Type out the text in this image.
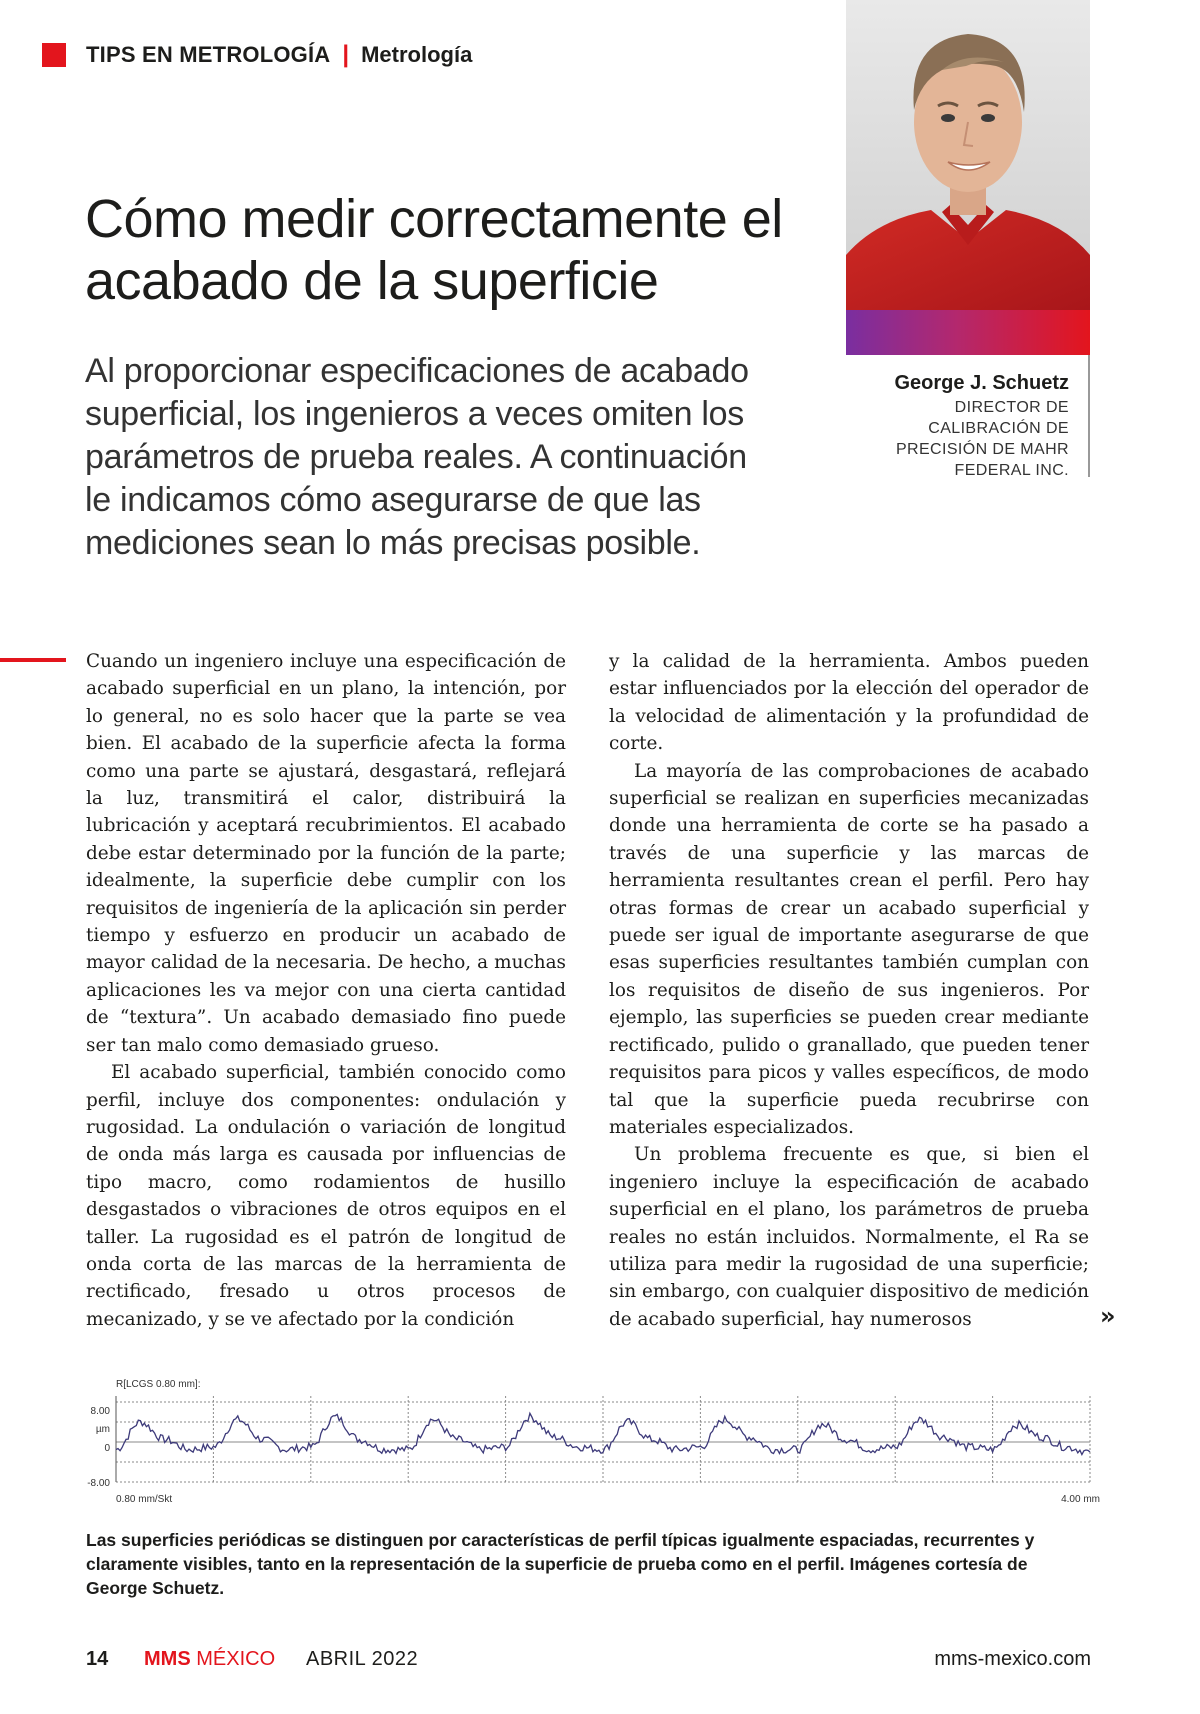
TIPS EN METROLOGÍA | Metrología
Cómo medir correctamente el acabado de la superficie

Al proporcionar especificaciones de acabado superficial, los ingenieros a veces omiten los parámetros de prueba reales. A continuación le indicamos cómo asegurarse de que las mediciones sean lo más precisas posible.

George J. Schuetz
DIRECTOR DE
CALIBRACIÓN DE
PRECISIÓN DE MAHR
FEDERAL INC.

Cuando un ingeniero incluye una especificación de acabado superficial en un plano, la intención, por lo general, no es solo hacer que la parte se vea bien. El acabado de la superficie afecta la forma como una parte se ajustará, desgastará, reflejará la luz, transmitirá el calor, distribuirá la lubricación y aceptará recubrimientos. El acabado debe estar determinado por la función de la parte; idealmente, la superficie debe cumplir con los requisitos de ingeniería de la aplicación sin perder tiempo y esfuerzo en producir un acabado de mayor calidad de la necesaria. De hecho, a muchas aplicaciones les va mejor con una cierta cantidad de “textura”. Un acabado demasiado fino puede ser tan malo como demasiado grueso.

El acabado superficial, también conocido como perfil, incluye dos componentes: ondulación y rugosidad. La ondulación o variación de longitud de onda más larga es causada por influencias de tipo macro, como rodamientos de husillo desgastados o vibraciones de otros equipos en el taller. La rugosidad es el patrón de longitud de onda corta de las marcas de la herramienta de rectificado, fresado u otros procesos de mecanizado, y se ve afectado por la condición

y la calidad de la herramienta. Ambos pueden estar influenciados por la elección del operador de la velocidad de alimentación y la profundidad de corte.

La mayoría de las comprobaciones de acabado superficial se realizan en superficies mecanizadas donde una herramienta de corte se ha pasado a través de una superficie y las marcas de herramienta resultantes crean el perfil. Pero hay otras formas de crear un acabado superficial y puede ser igual de importante asegurarse de que esas superficies resultantes también cumplan con los requisitos de diseño de sus ingenieros. Por ejemplo, las superficies se pueden crear mediante rectificado, pulido o granallado, que pueden tener requisitos para picos y valles específicos, de modo tal que la superficie pueda recubrirse con materiales especializados.

Un problema frecuente es que, si bien el ingeniero incluye la especificación de acabado superficial en el plano, los parámetros de prueba reales no están incluidos. Normalmente, el Ra se utiliza para medir la rugosidad de una superficie; sin embargo, con cualquier dispositivo de medición de acabado superficial, hay numerosos	»
R[LCGS 0.80 mm]:
8.00
µm
0
-8.00
0.80 mm/Skt	4.00 mm

Las superficies periódicas se distinguen por características de perfil típicas igualmente espaciadas, recurrentes y claramente visibles, tanto en la representación de la superficie de prueba como en el perfil. Imágenes cortesía de George Schuetz.

14 MMS MÉXICO ABRIL 2022	mms-mexico.com
